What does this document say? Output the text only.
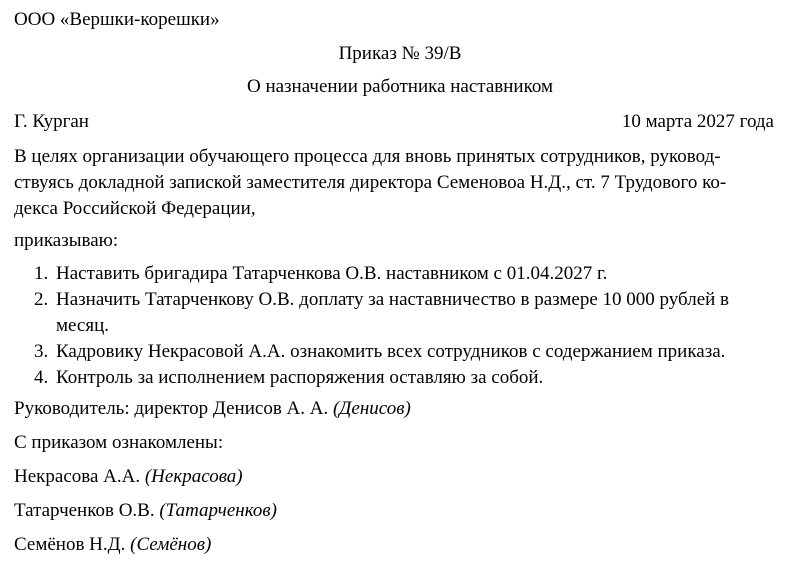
ООО «Вершки-корешки»
Приказ № 39/В
О назначении работника наставником
Г. Курган	10 марта 2027 года
В целях организации обучающего процесса для вновь принятых сотрудников, руковод-
ствуясь докладной запиской заместителя директора Семеновоа Н.Д., ст. 7 Трудового ко-
декса Российской Федерации,
приказываю:
1. Наставить бригадира Татарченкова О.В. наставником с 01.04.2027 г.
2. Назначить Татарченкову О.В. доплату за наставничество в размере 10 000 рублей в
месяц.
3. Кадровику Некрасовой А.А. ознакомить всех сотрудников с содержанием приказа.
4. Контроль за исполнением распоряжения оставляю за собой.
Руководитель: директор Денисов А. А. (Денисов)
С приказом ознакомлены:
Некрасова А.А. (Некрасова)
Татарченков О.В. (Татарченков)
Семёнов Н.Д. (Семёнов)
